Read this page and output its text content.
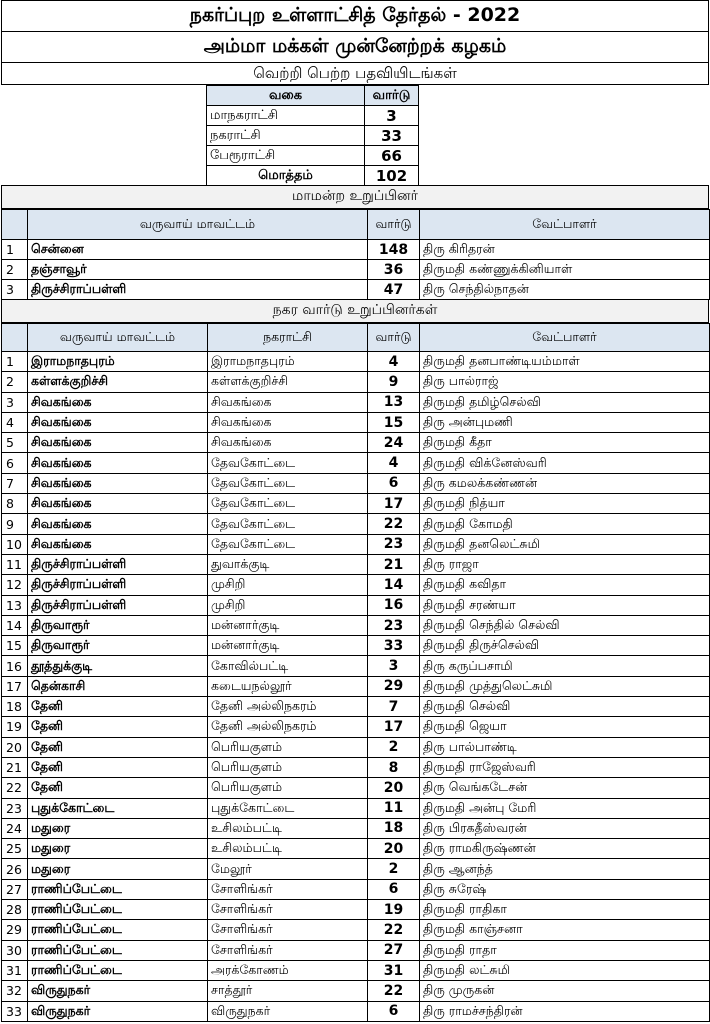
நகர்ப்புற உள்ளாட்சித் தேர்தல் - 2022
அம்மா மக்கள் முன்னேற்றக் கழகம்
வெற்றி பெற்ற பதவியிடங்கள்
வகை	வார்டு
மாநகராட்சி	3
நகராட்சி	33
பேரூராட்சி	66
மொத்தம்	102
மாமன்ற உறுப்பினர்
	வருவாய் மாவட்டம்	வார்டு	வேட்பாளர்
1	சென்னை	148	திரு கிரிதரன்
2	தஞ்சாவூர்	36	திருமதி கண்ணுக்கினியாள்
3	திருச்சிராப்பள்ளி	47	திரு செந்தில்நாதன்
நகர வார்டு உறுப்பினர்கள்
	வருவாய் மாவட்டம்	நகராட்சி	வார்டு	வேட்பாளர்
1	இராமநாதபுரம்	இராமநாதபுரம்	4	திருமதி தனபாண்டியம்மாள்
2	கள்ளக்குறிச்சி	கள்ளக்குறிச்சி	9	திரு பால்ராஜ்
3	சிவகங்கை	சிவகங்கை	13	திருமதி தமிழ்செல்வி
4	சிவகங்கை	சிவகங்கை	15	திரு அன்புமணி
5	சிவகங்கை	சிவகங்கை	24	திருமதி கீதா
6	சிவகங்கை	தேவகோட்டை	4	திருமதி விக்னேஸ்வரி
7	சிவகங்கை	தேவகோட்டை	6	திரு கமலக்கண்ணன்
8	சிவகங்கை	தேவகோட்டை	17	திருமதி நித்யா
9	சிவகங்கை	தேவகோட்டை	22	திருமதி கோமதி
10	சிவகங்கை	தேவகோட்டை	23	திருமதி தனலெட்சுமி
11	திருச்சிராப்பள்ளி	துவாக்குடி	21	திரு ராஜா
12	திருச்சிராப்பள்ளி	முசிறி	14	திருமதி கவிதா
13	திருச்சிராப்பள்ளி	முசிறி	16	திருமதி சரண்யா
14	திருவாரூர்	மன்னார்குடி	23	திருமதி செந்தில் செல்வி
15	திருவாரூர்	மன்னார்குடி	33	திருமதி திருச்செல்வி
16	தூத்துக்குடி	கோவில்பட்டி	3	திரு கருப்பசாமி
17	தென்காசி	கடையநல்லூர்	29	திருமதி முத்துலெட்சுமி
18	தேனி	தேனி அல்லிநகரம்	7	திருமதி செல்வி
19	தேனி	தேனி அல்லிநகரம்	17	திருமதி ஜெயா
20	தேனி	பெரியகுளம்	2	திரு பால்பாண்டி
21	தேனி	பெரியகுளம்	8	திருமதி ராஜேஸ்வரி
22	தேனி	பெரியகுளம்	20	திரு வெங்கடேசன்
23	புதுக்கோட்டை	புதுக்கோட்டை	11	திருமதி அன்பு மேரி
24	மதுரை	உசிலம்பட்டி	18	திரு பிரகதீஸ்வரன்
25	மதுரை	உசிலம்பட்டி	20	திரு ராமகிருஷ்ணன்
26	மதுரை	மேலூர்	2	திரு ஆனந்த்
27	ராணிப்பேட்டை	சோளிங்கர்	6	திரு சுரேஷ்
28	ராணிப்பேட்டை	சோளிங்கர்	19	திருமதி ராதிகா
29	ராணிப்பேட்டை	சோளிங்கர்	22	திருமதி காஞ்சனா
30	ராணிப்பேட்டை	சோளிங்கர்	27	திருமதி ராதா
31	ராணிப்பேட்டை	அரக்கோணம்	31	திருமதி லட்சுமி
32	விருதுநகர்	சாத்தூர்	22	திரு முருகன்
33	விருதுநகர்	விருதுநகர்	6	திரு ராமச்சந்திரன்
